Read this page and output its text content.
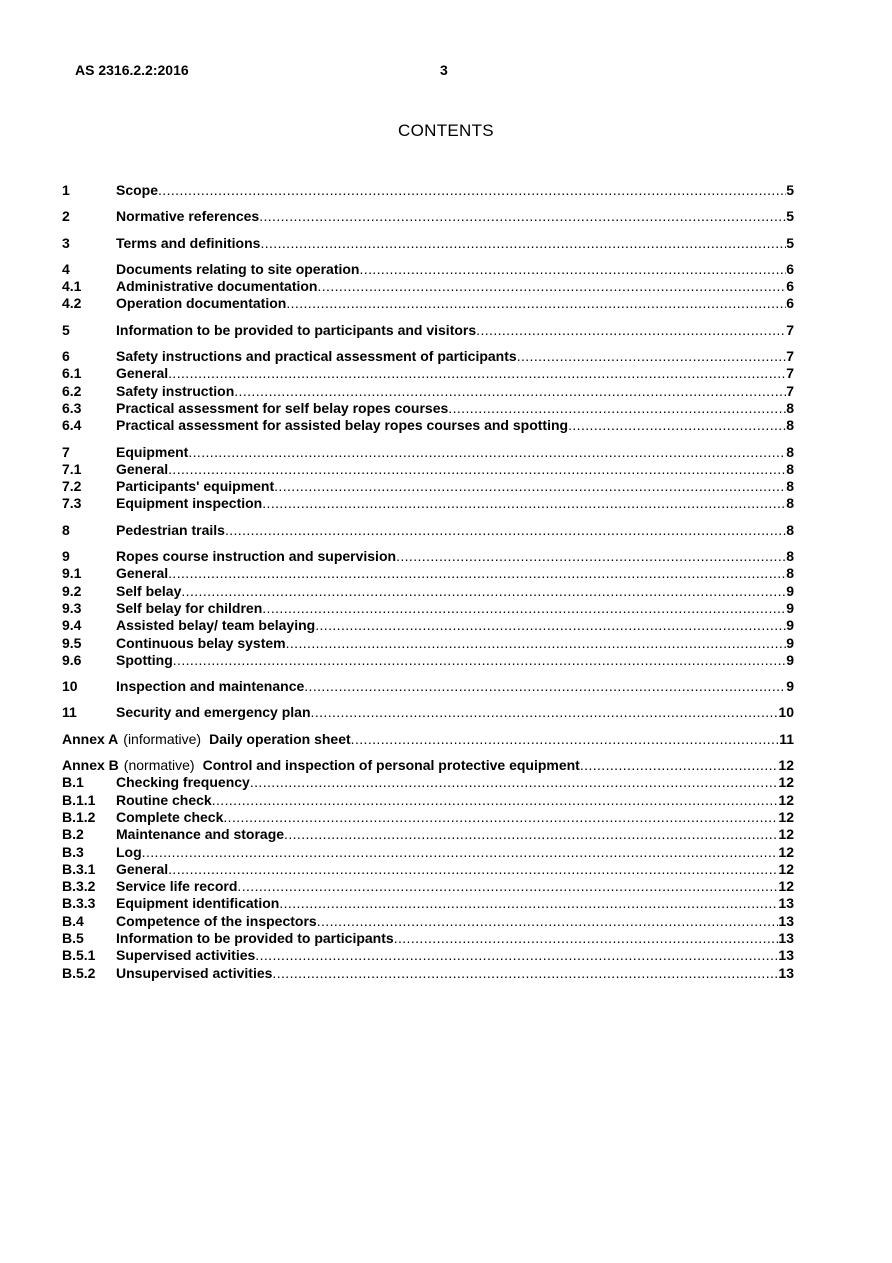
AS 2316.2.2:2016	3
CONTENTS
1	Scope .....	5
2	Normative references .....	5
3	Terms and definitions .....	5
4	Documents relating to site operation .....	6
4.1	Administrative documentation .....	6
4.2	Operation documentation .....	6
5	Information to be provided to participants and visitors .....	7
6	Safety instructions and practical assessment of participants .....	7
6.1	General .....	7
6.2	Safety instruction .....	7
6.3	Practical assessment for self belay ropes courses .....	8
6.4	Practical assessment for assisted belay ropes courses and spotting .....	8
7	Equipment .....	8
7.1	General .....	8
7.2	Participants' equipment .....	8
7.3	Equipment inspection .....	8
8	Pedestrian trails .....	8
9	Ropes course instruction and supervision .....	8
9.1	General .....	8
9.2	Self belay .....	9
9.3	Self belay for children .....	9
9.4	Assisted belay/ team belaying .....	9
9.5	Continuous belay system .....	9
9.6	Spotting .....	9
10	Inspection and maintenance .....	9
11	Security and emergency plan .....	10
Annex A (informative) Daily operation sheet .....	11
Annex B (normative) Control and inspection of personal protective equipment .....	12
B.1	Checking frequency .....	12
B.1.1	Routine check .....	12
B.1.2	Complete check .....	12
B.2	Maintenance and storage .....	12
B.3	Log .....	12
B.3.1	General .....	12
B.3.2	Service life record .....	12
B.3.3	Equipment identification .....	13
B.4	Competence of the inspectors .....	13
B.5	Information to be provided to participants .....	13
B.5.1	Supervised activities .....	13
B.5.2	Unsupervised activities .....	13
